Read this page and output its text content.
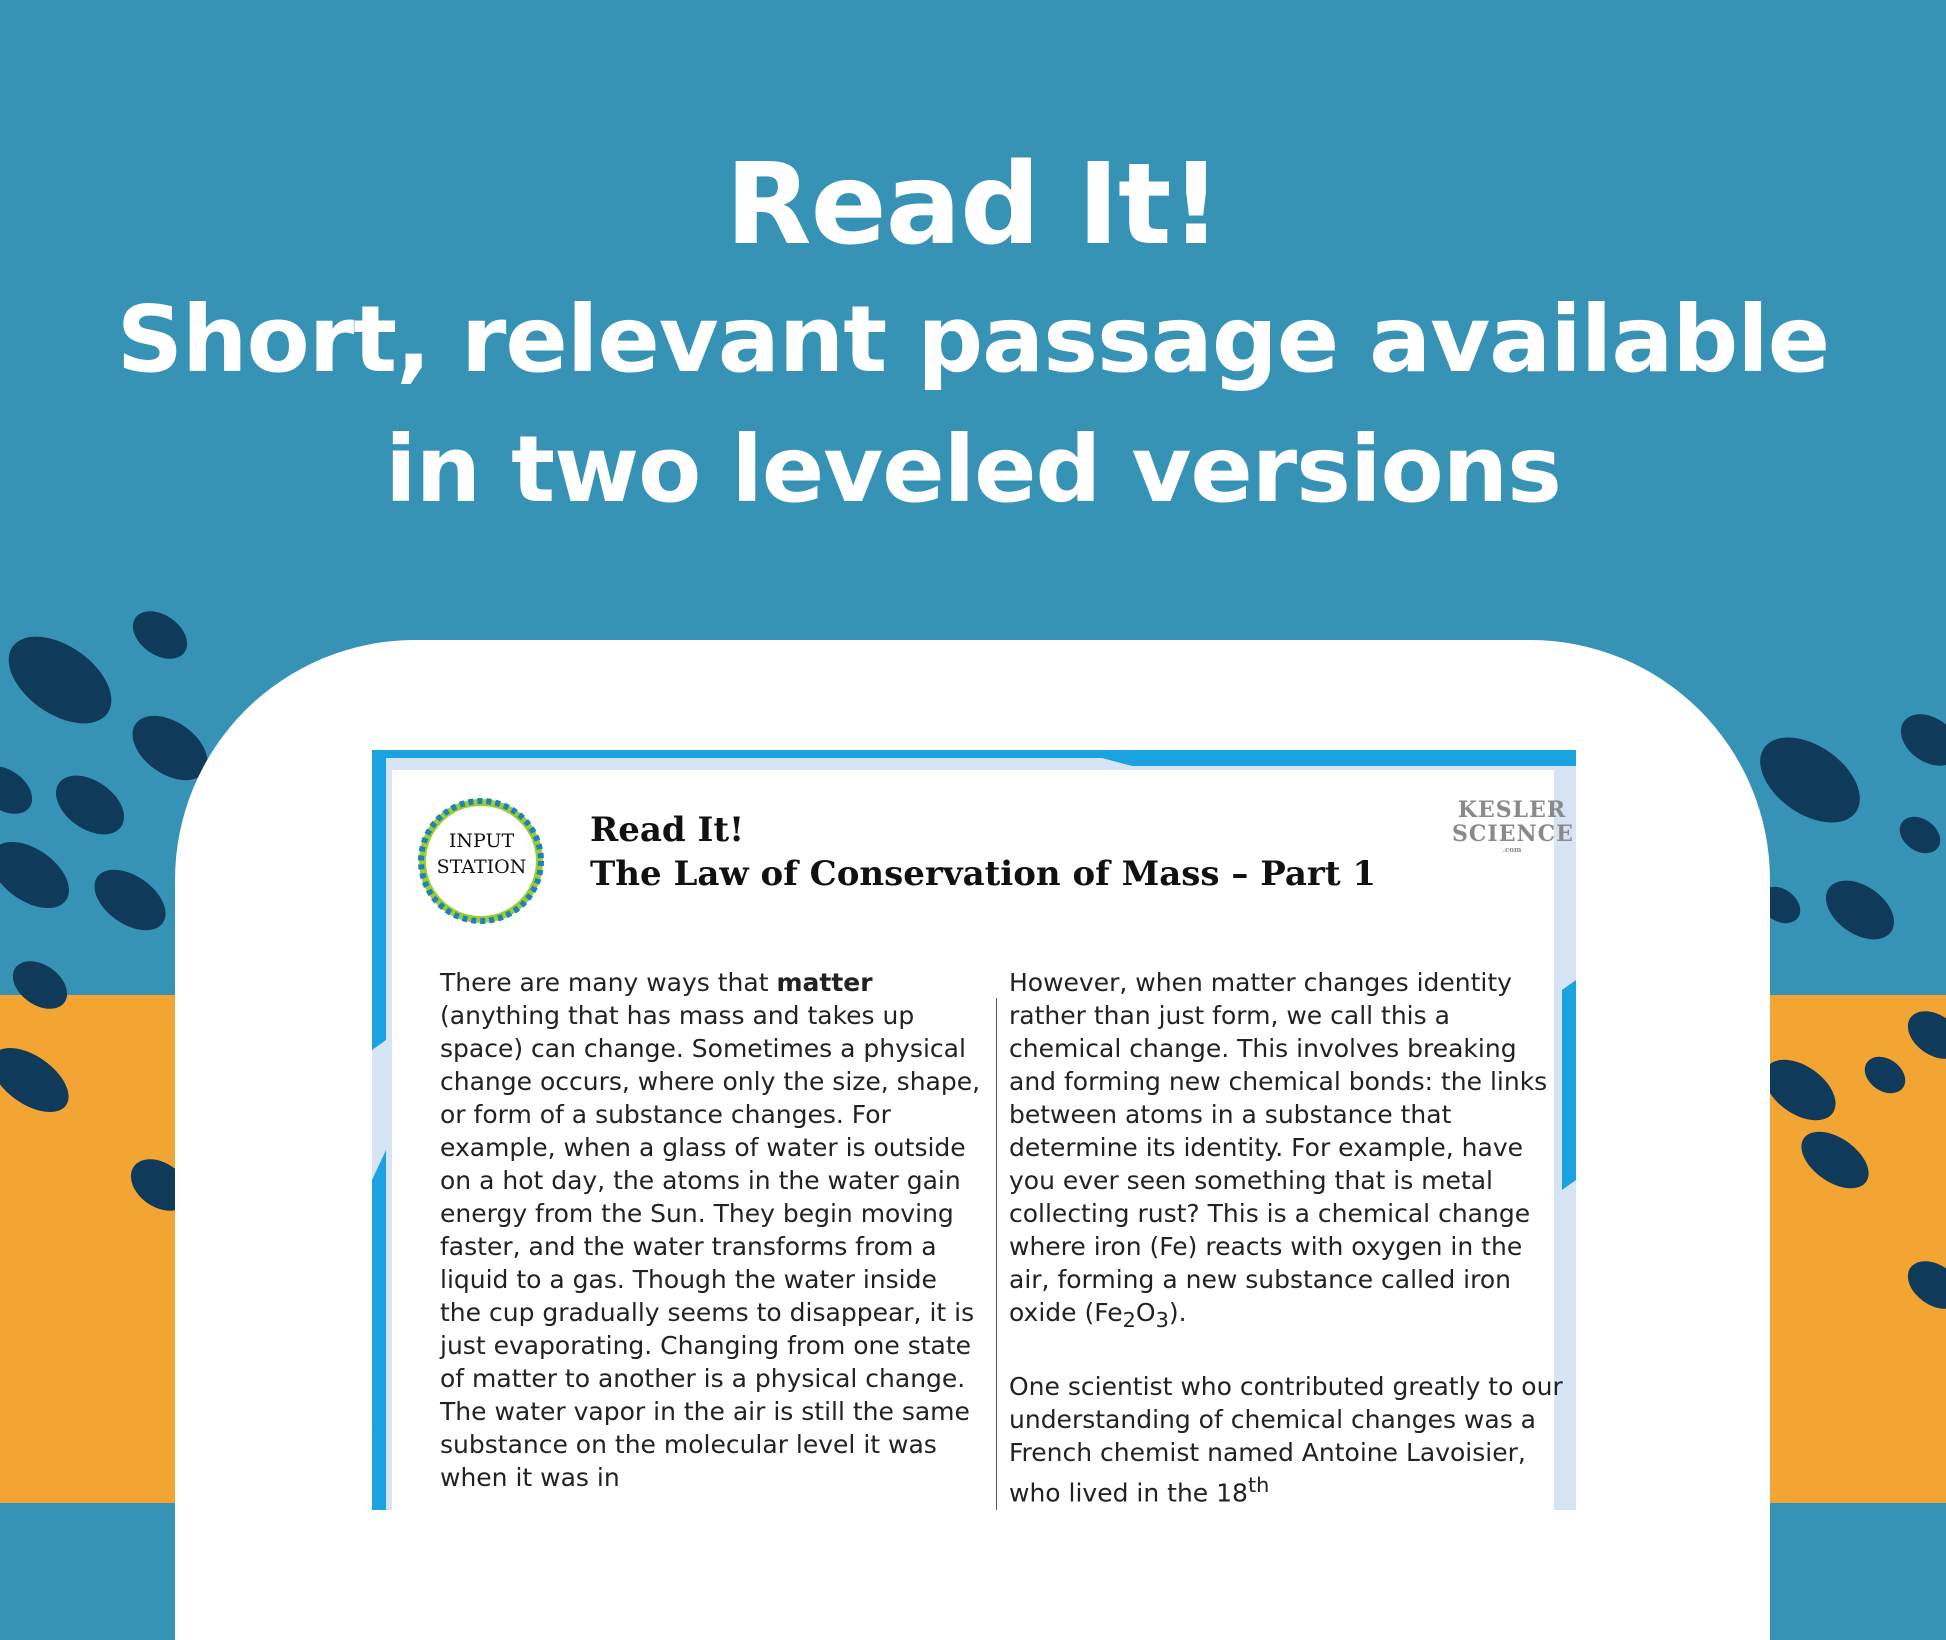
Read It!
Short, relevant passage available
in two leveled versions
INPUT
STATION
Read It!
The Law of Conservation of Mass – Part 1
KESLER
SCIENCE
.com

There are many ways that matter (anything that has mass and takes up space) can change. Sometimes a physical change occurs, where only the size, shape, or form of a substance changes. For example, when a glass of water is outside on a hot day, the atoms in the water gain energy from the Sun. They begin moving faster, and the water transforms from a liquid to a gas. Though the water inside the cup gradually seems to disappear, it is just evaporating. Changing from one state of matter to another is a physical change. The water vapor in the air is still the same substance on the molecular level it was when it was in

However, when matter changes identity rather than just form, we call this a chemical change. This involves breaking and forming new chemical bonds: the links between atoms in a substance that determine its identity. For example, have you ever seen something that is metal collecting rust? This is a chemical change where iron (Fe) reacts with oxygen in the air, forming a new substance called iron oxide $(Fe_2O_3)$.

One scientist who contributed greatly to our understanding of chemical changes was a French chemist named Antoine Lavoisier, who lived in the 18th
